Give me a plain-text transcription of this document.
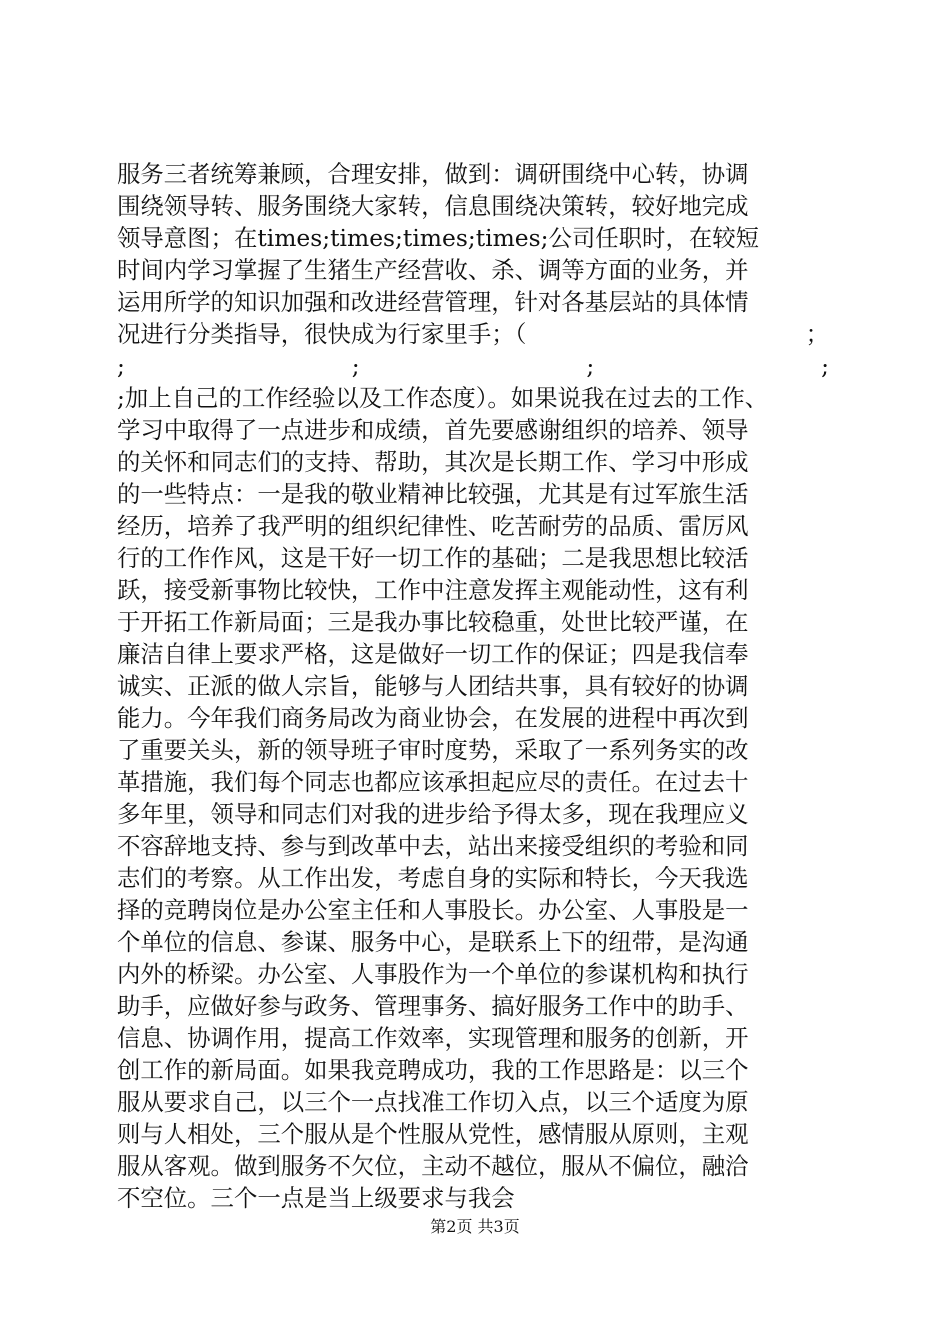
服务三者统筹兼顾，合理安排，做到：调研围绕中心转，协调
围绕领导转、服务围绕大家转，信息围绕决策转，较好地完成
领导意图；在times;times;times;times;公司任职时，在较短
时间内学习掌握了生猪生产经营收、杀、调等方面的业务，并
运用所学的知识加强和改进经营管理，针对各基层站的具体情
况进行分类指导，很快成为行家里手；（	；
;	;	;	;
;加上自己的工作经验以及工作态度）。如果说我在过去的工作、
学习中取得了一点进步和成绩，首先要感谢组织的培养、领导
的关怀和同志们的支持、帮助，其次是长期工作、学习中形成
的一些特点：一是我的敬业精神比较强，尤其是有过军旅生活
经历，培养了我严明的组织纪律性、吃苦耐劳的品质、雷厉风
行的工作作风，这是干好一切工作的基础；二是我思想比较活
跃，接受新事物比较快，工作中注意发挥主观能动性，这有利
于开拓工作新局面；三是我办事比较稳重，处世比较严谨，在
廉洁自律上要求严格，这是做好一切工作的保证；四是我信奉
诚实、正派的做人宗旨，能够与人团结共事，具有较好的协调
能力。今年我们商务局改为商业协会，在发展的进程中再次到
了重要关头，新的领导班子审时度势，采取了一系列务实的改
革措施，我们每个同志也都应该承担起应尽的责任。在过去十
多年里，领导和同志们对我的进步给予得太多，现在我理应义
不容辞地支持、参与到改革中去，站出来接受组织的考验和同
志们的考察。从工作出发，考虑自身的实际和特长，今天我选
择的竞聘岗位是办公室主任和人事股长。办公室、人事股是一
个单位的信息、参谋、服务中心，是联系上下的纽带，是沟通
内外的桥梁。办公室、人事股作为一个单位的参谋机构和执行
助手，应做好参与政务、管理事务、搞好服务工作中的助手、
信息、协调作用，提高工作效率，实现管理和服务的创新，开
创工作的新局面。如果我竞聘成功，我的工作思路是：以三个
服从要求自己，以三个一点找准工作切入点，以三个适度为原
则与人相处，三个服从是个性服从党性，感情服从原则，主观
服从客观。做到服务不欠位，主动不越位，服从不偏位，融洽
不空位。三个一点是当上级要求与我会
第2页 共3页
